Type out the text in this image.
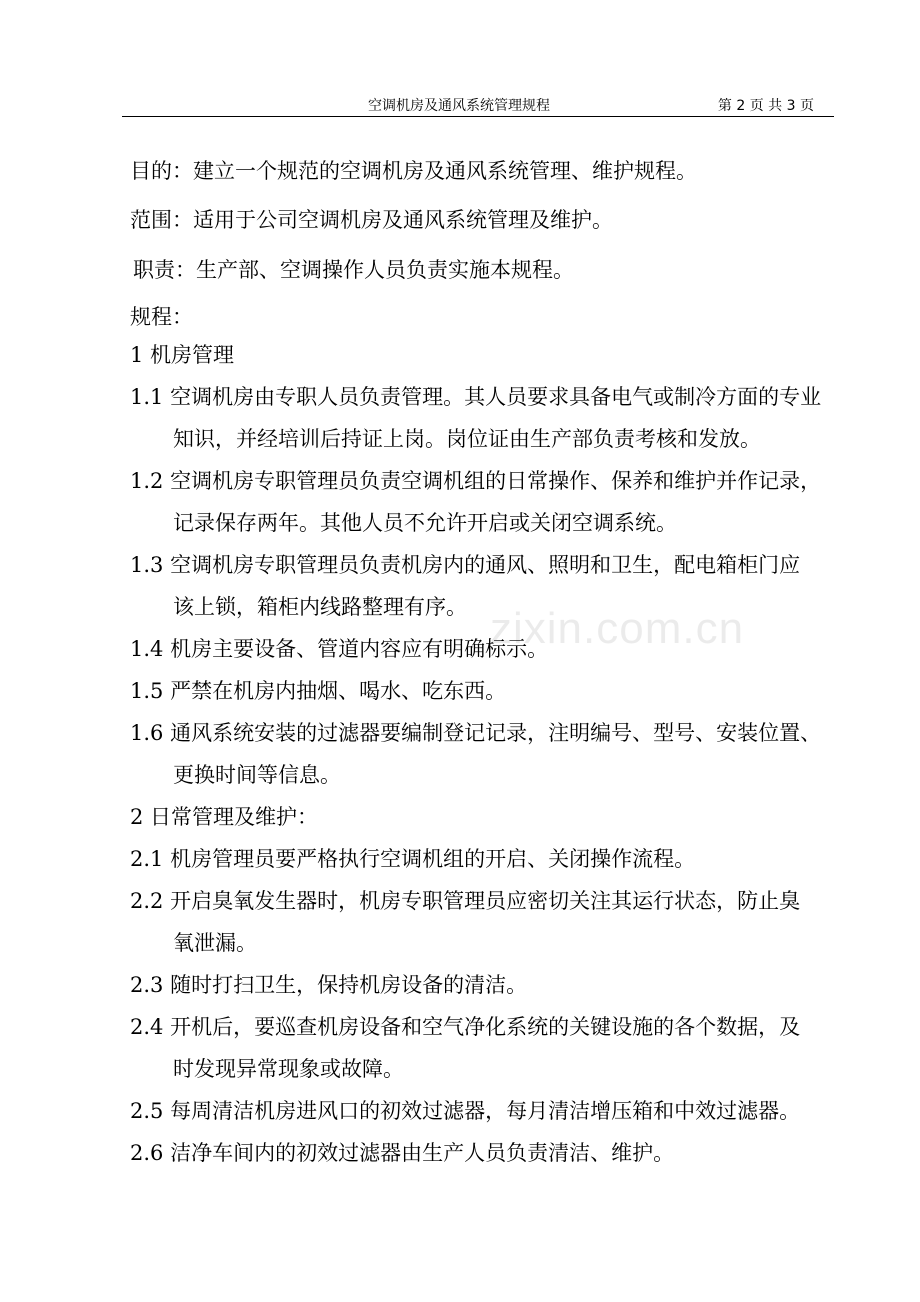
空调机房及通风系统管理规程	第 2 页 共 3 页
zixin.com.cn
目的：建立一个规范的空调机房及通风系统管理、维护规程。
范围：适用于公司空调机房及通风系统管理及维护。
职责：生产部、空调操作人员负责实施本规程。
规程：
1 机房管理
1.1 空调机房由专职人员负责管理。其人员要求具备电气或制冷方面的专业
知识，并经培训后持证上岗。岗位证由生产部负责考核和发放。
1.2 空调机房专职管理员负责空调机组的日常操作、保养和维护并作记录，
记录保存两年。其他人员不允许开启或关闭空调系统。
1.3 空调机房专职管理员负责机房内的通风、照明和卫生，配电箱柜门应
该上锁，箱柜内线路整理有序。
1.4 机房主要设备、管道内容应有明确标示。
1.5 严禁在机房内抽烟、喝水、吃东西。
1.6 通风系统安装的过滤器要编制登记记录，注明编号、型号、安装位置、
更换时间等信息。
2 日常管理及维护：
2.1 机房管理员要严格执行空调机组的开启、关闭操作流程。
2.2 开启臭氧发生器时，机房专职管理员应密切关注其运行状态，防止臭
氧泄漏。
2.3 随时打扫卫生，保持机房设备的清洁。
2.4 开机后，要巡查机房设备和空气净化系统的关键设施的各个数据，及
时发现异常现象或故障。
2.5 每周清洁机房进风口的初效过滤器，每月清洁增压箱和中效过滤器。
2.6 洁净车间内的初效过滤器由生产人员负责清洁、维护。
